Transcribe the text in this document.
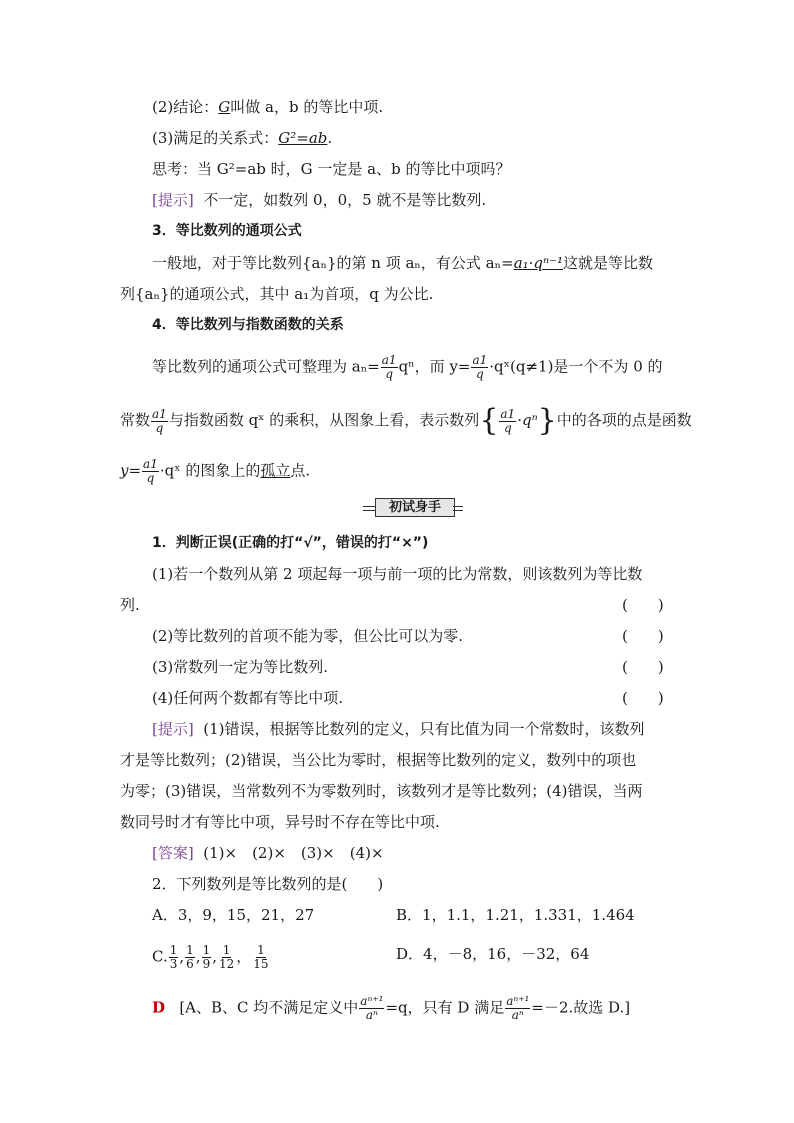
(2)结论：G叫做 a，b 的等比中项.
(3)满足的关系式：G²=ab.
思考：当 G²=ab 时，G 一定是 a、b 的等比中项吗？
[提示] 不一定，如数列 0，0，5 就不是等比数列.
3．等比数列的通项公式
一般地，对于等比数列{aₙ}的第 n 项 aₙ，有公式 aₙ=a₁·qⁿ⁻¹这就是等比数
列{aₙ}的通项公式，其中 a₁为首项，q 为公比.
4．等比数列与指数函数的关系
等比数列的通项公式可整理为 $a_n= \frac{a1}{q}$ qⁿ，而 $y= \frac{a1}{q}$ ·qˣ(q≠1)是一个不为 0 的
常数 $\frac{a1}{q}$ 与指数函数 qˣ 的乘积，从图象上看，表示数列{ $\frac{a1}{q} \cdot q^n$}中的各项的点是函数
$y= \frac{a1}{q}$ ·qˣ 的图象上的孤立点.
初试身手
1．判断正误(正确的打“√”，错误的打“×”)
(1)若一个数列从第 2 项起每一项与前一项的比为常数，则该数列为等比数
列.	(　　)
(2)等比数列的首项不能为零，但公比可以为零.	(　　)
(3)常数列一定为等比数列.	(　　)
(4)任何两个数都有等比中项.	(　　)
[提示] (1)错误，根据等比数列的定义，只有比值为同一个常数时，该数列
才是等比数列；(2)错误，当公比为零时，根据等比数列的定义，数列中的项也
为零；(3)错误，当常数列不为零数列时，该数列才是等比数列；(4)错误，当两
数同号时才有等比中项，异号时不存在等比中项.
[答案] (1)×　(2)×　(3)×　(4)×
2．下列数列是等比数列的是(　　)
A．3，9，15，21，27	B．1，1.1，1.21，1.331，1.464
C. $\frac{1}{3}$ , $\frac{1}{6}$ , $\frac{1}{9}$ , $\frac{1}{12}$ ， $\frac{1}{15}$	D．4，－8，16，－32，64
D [A、B、C 均不满足定义中 $\frac{\text{aⁿ⁺¹}}{\text{aⁿ}} =q$，只有 D 满足 $\frac{\text{aⁿ⁺¹}}{\text{aⁿ}} =-2$.故选 D.]
